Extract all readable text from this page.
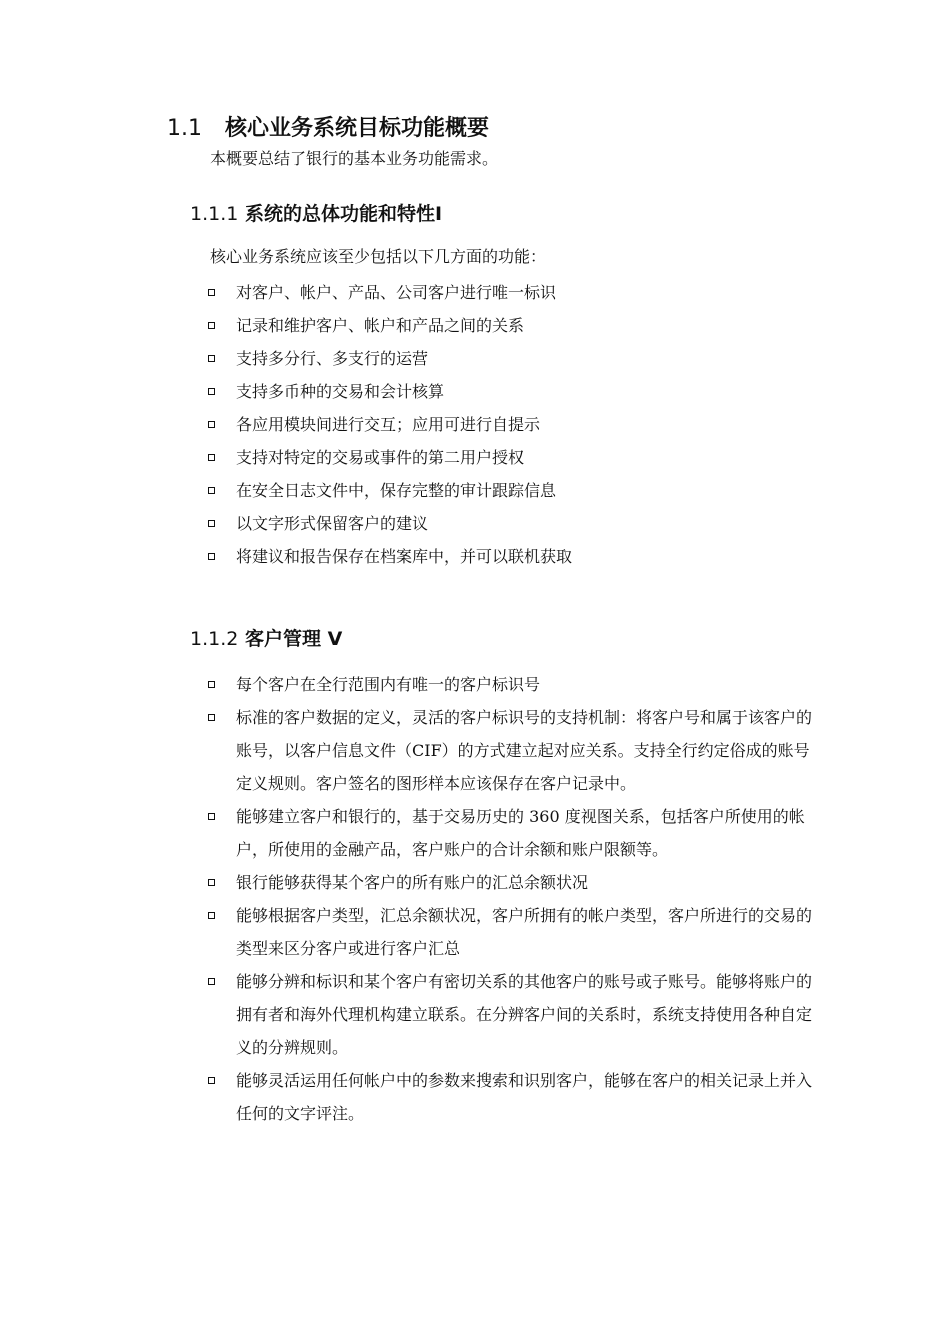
1.1 核心业务系统目标功能概要
本概要总结了银行的基本业务功能需求。
1.1.1 系统的总体功能和特性I
核心业务系统应该至少包括以下几方面的功能：
对客户、帐户、产品、公司客户进行唯一标识
记录和维护客户、帐户和产品之间的关系
支持多分行、多支行的运营
支持多币种的交易和会计核算
各应用模块间进行交互；应用可进行自提示
支持对特定的交易或事件的第二用户授权
在安全日志文件中，保存完整的审计跟踪信息
以文字形式保留客户的建议
将建议和报告保存在档案库中，并可以联机获取
1.1.2 客户管理 V
每个客户在全行范围内有唯一的客户标识号
标准的客户数据的定义，灵活的客户标识号的支持机制：将客户号和属于该客户的账号，以客户信息文件（CIF）的方式建立起对应关系。支持全行约定俗成的账号定义规则。客户签名的图形样本应该保存在客户记录中。
能够建立客户和银行的，基于交易历史的 360 度视图关系，包括客户所使用的帐户，所使用的金融产品，客户账户的合计余额和账户限额等。
银行能够获得某个客户的所有账户的汇总余额状况
能够根据客户类型，汇总余额状况，客户所拥有的帐户类型，客户所进行的交易的类型来区分客户或进行客户汇总
能够分辨和标识和某个客户有密切关系的其他客户的账号或子账号。能够将账户的拥有者和海外代理机构建立联系。在分辨客户间的关系时，系统支持使用各种自定义的分辨规则。
能够灵活运用任何帐户中的参数来搜索和识别客户，能够在客户的相关记录上并入任何的文字评注。
